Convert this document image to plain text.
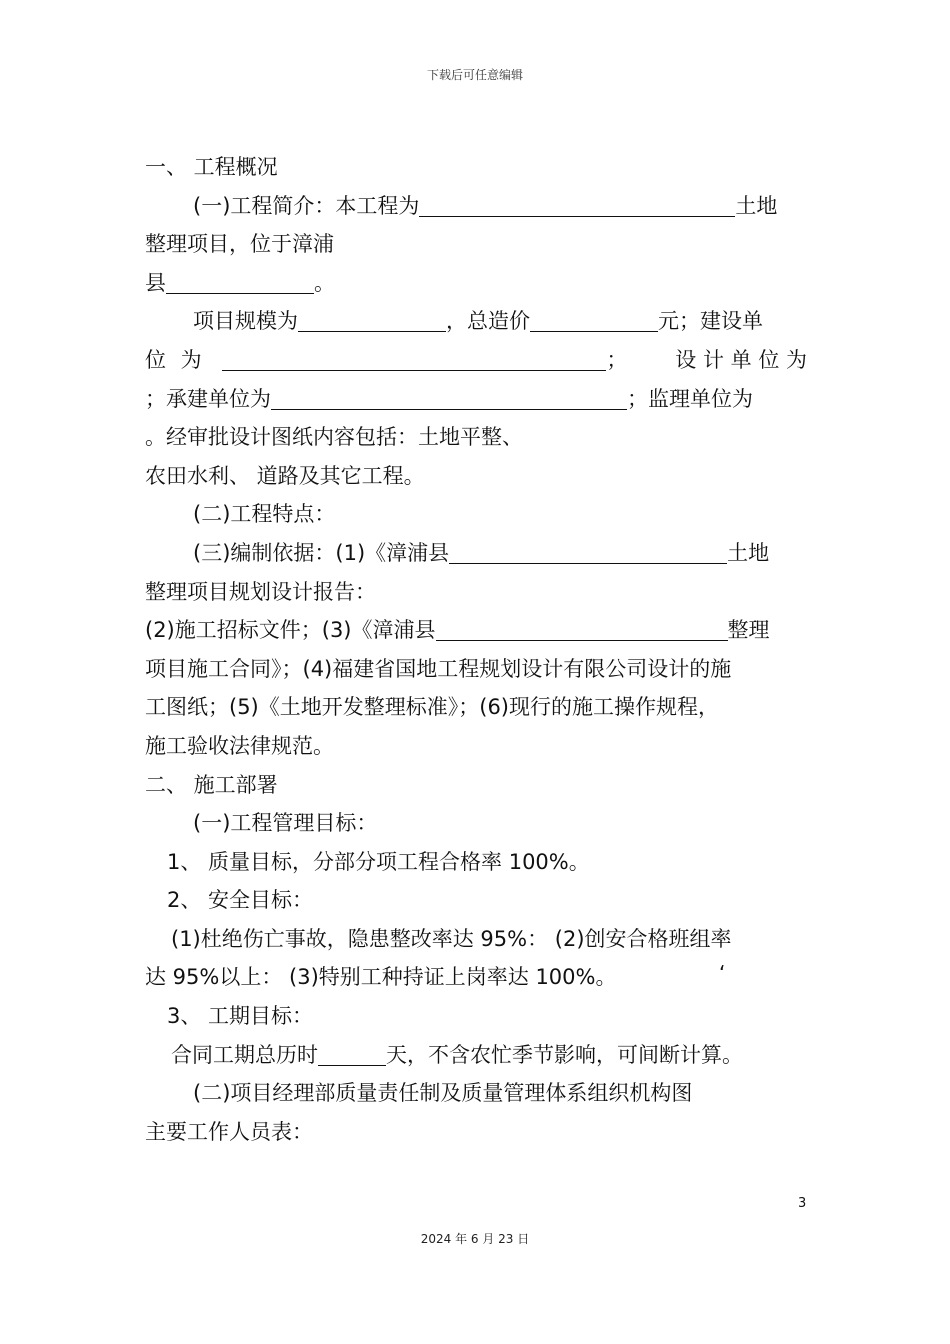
下载后可任意编辑
一、 工程概况
(一)工程简介：本工程为	土地
整理项目，位于漳浦
县	。
项目规模为	，总造价	元；建设单
位 为	； 设 计 单 位 为
；承建单位为	；监理单位为
。经审批设计图纸内容包括：土地平整、
农田水利、 道路及其它工程。
(二)工程特点：
(三)编制依据：(1)《漳浦县	土地
整理项目规划设计报告：
(2)施工招标文件；(3)《漳浦县	整理
项目施工合同》；(4)福建省国地工程规划设计有限公司设计的施
工图纸；(5)《土地开发整理标准》；(6)现行的施工操作规程，
施工验收法律规范。
二、 施工部署
(一)工程管理目标：
1、 质量目标，分部分项工程合格率 100%。
2、 安全目标：
(1)杜绝伤亡事故，隐患整改率达 95%： (2)创安合格班组率
达 95%以上： (3)特别工种持证上岗率达 100%。	‘
3、 工期目标：
合同工期总历时	天，不含农忙季节影响，可间断计算。
(二)项目经理部质量责任制及质量管理体系组织机构图
主要工作人员表：
3
2024 年 6 月 23 日
